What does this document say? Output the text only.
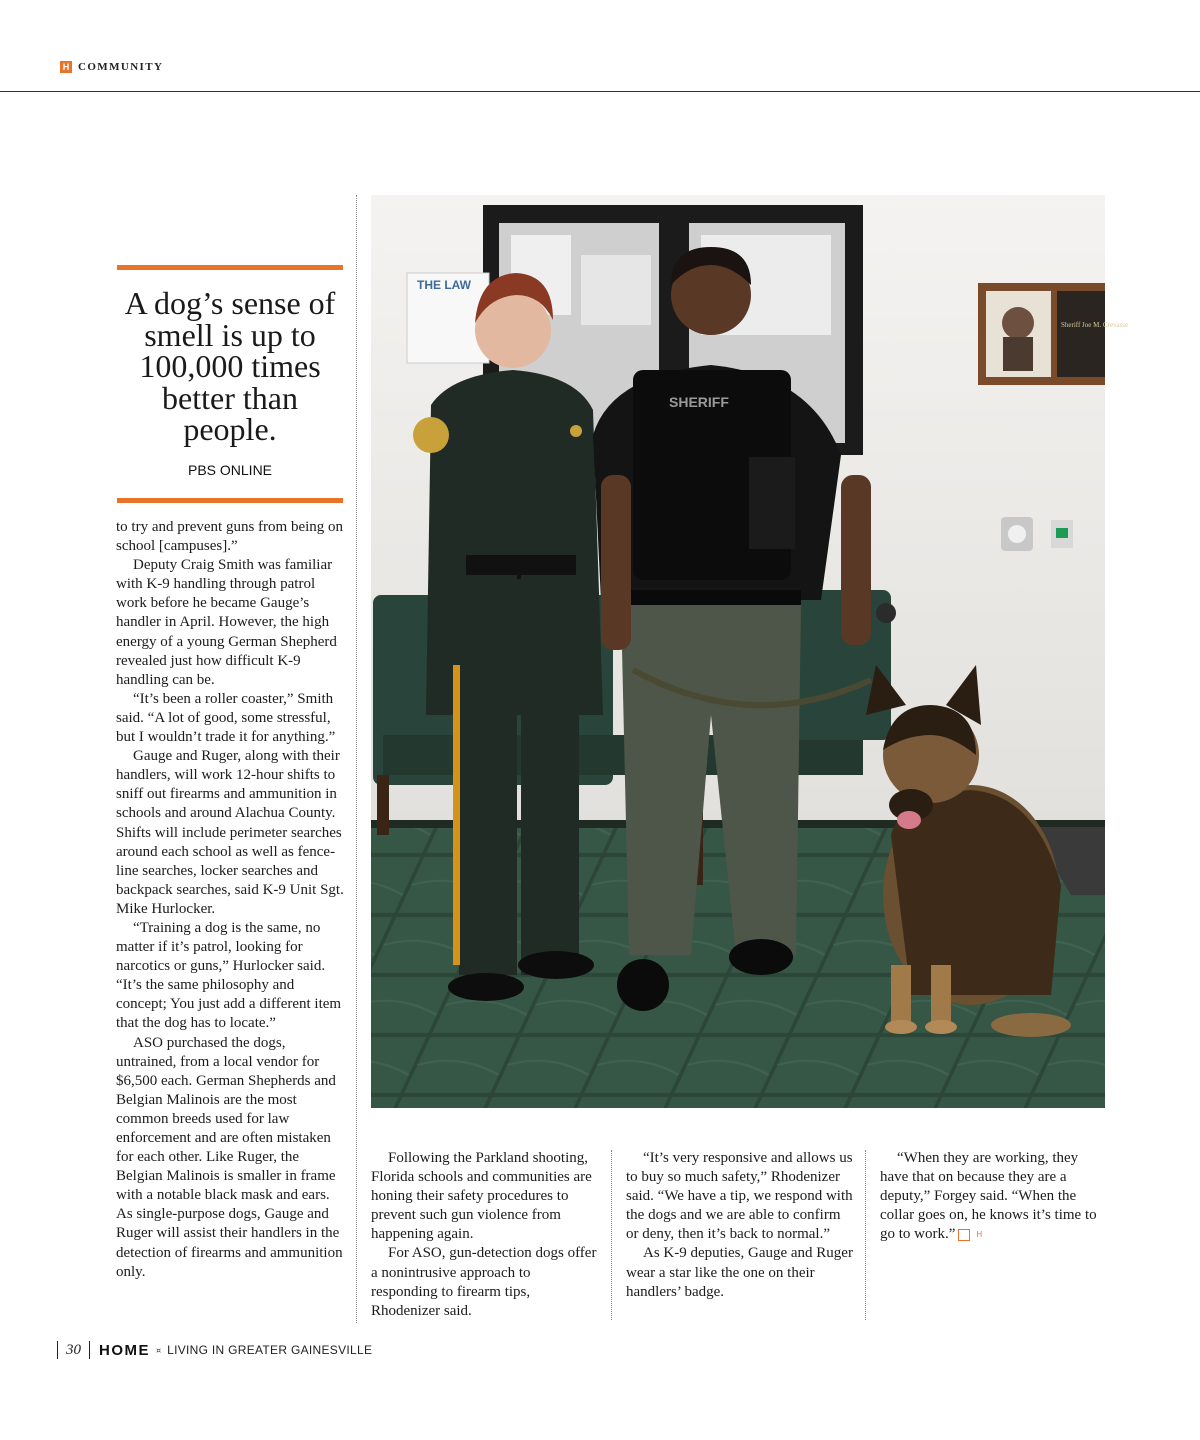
H COMMUNITY

A dog’s sense of smell is up to 100,000 times better than people.

PBS ONLINE

to try and prevent guns from being on school [campuses].”

Deputy Craig Smith was familiar with K-9 handling through patrol work before he became Gauge’s handler in April. However, the high energy of a young German Shepherd revealed just how difficult K-9 handling can be.

“It’s been a roller coaster,” Smith said. “A lot of good, some stressful, but I wouldn’t trade it for anything.”

Gauge and Ruger, along with their handlers, will work 12-hour shifts to sniff out firearms and ammunition in schools and around Alachua County. Shifts will include perimeter searches around each school as well as fence-line searches, locker searches and backpack searches, said K-9 Unit Sgt. Mike Hurlocker.

“Training a dog is the same, no matter if it’s patrol, looking for narcotics or guns,” Hurlocker said. “It’s the same philosophy and concept; You just add a different item that the dog has to locate.”

ASO purchased the dogs, untrained, from a local vendor for $6,500 each. German Shepherds and Belgian Malinois are the most common breeds used for law enforcement and are often mistaken for each other. Like Ruger, the Belgian Malinois is smaller in frame with a notable black mask and ears. As single-purpose dogs, Gauge and Ruger will assist their handlers in the detection of firearms and ammunition only.

THE LAW
Sheriff Joe M. Crevasse
SHERIFF

Following the Parkland shooting, Florida schools and communities are honing their safety procedures to prevent such gun violence from happening again.

For ASO, gun-detection dogs offer a nonintrusive approach to responding to firearm tips, Rhodenizer said.

“It’s very responsive and allows us to buy so much safety,” Rhodenizer said. “We have a tip, we respond with the dogs and we are able to confirm or deny, then it’s back to normal.”

As K-9 deputies, Gauge and Ruger wear a star like the one on their handlers’ badge.

“When they are working, they have that on because they are a deputy,” Forgey said. “When the collar goes on, he knows it’s time to go to work.”	H

30 HOME ¤ LIVING IN GREATER GAINESVILLE
